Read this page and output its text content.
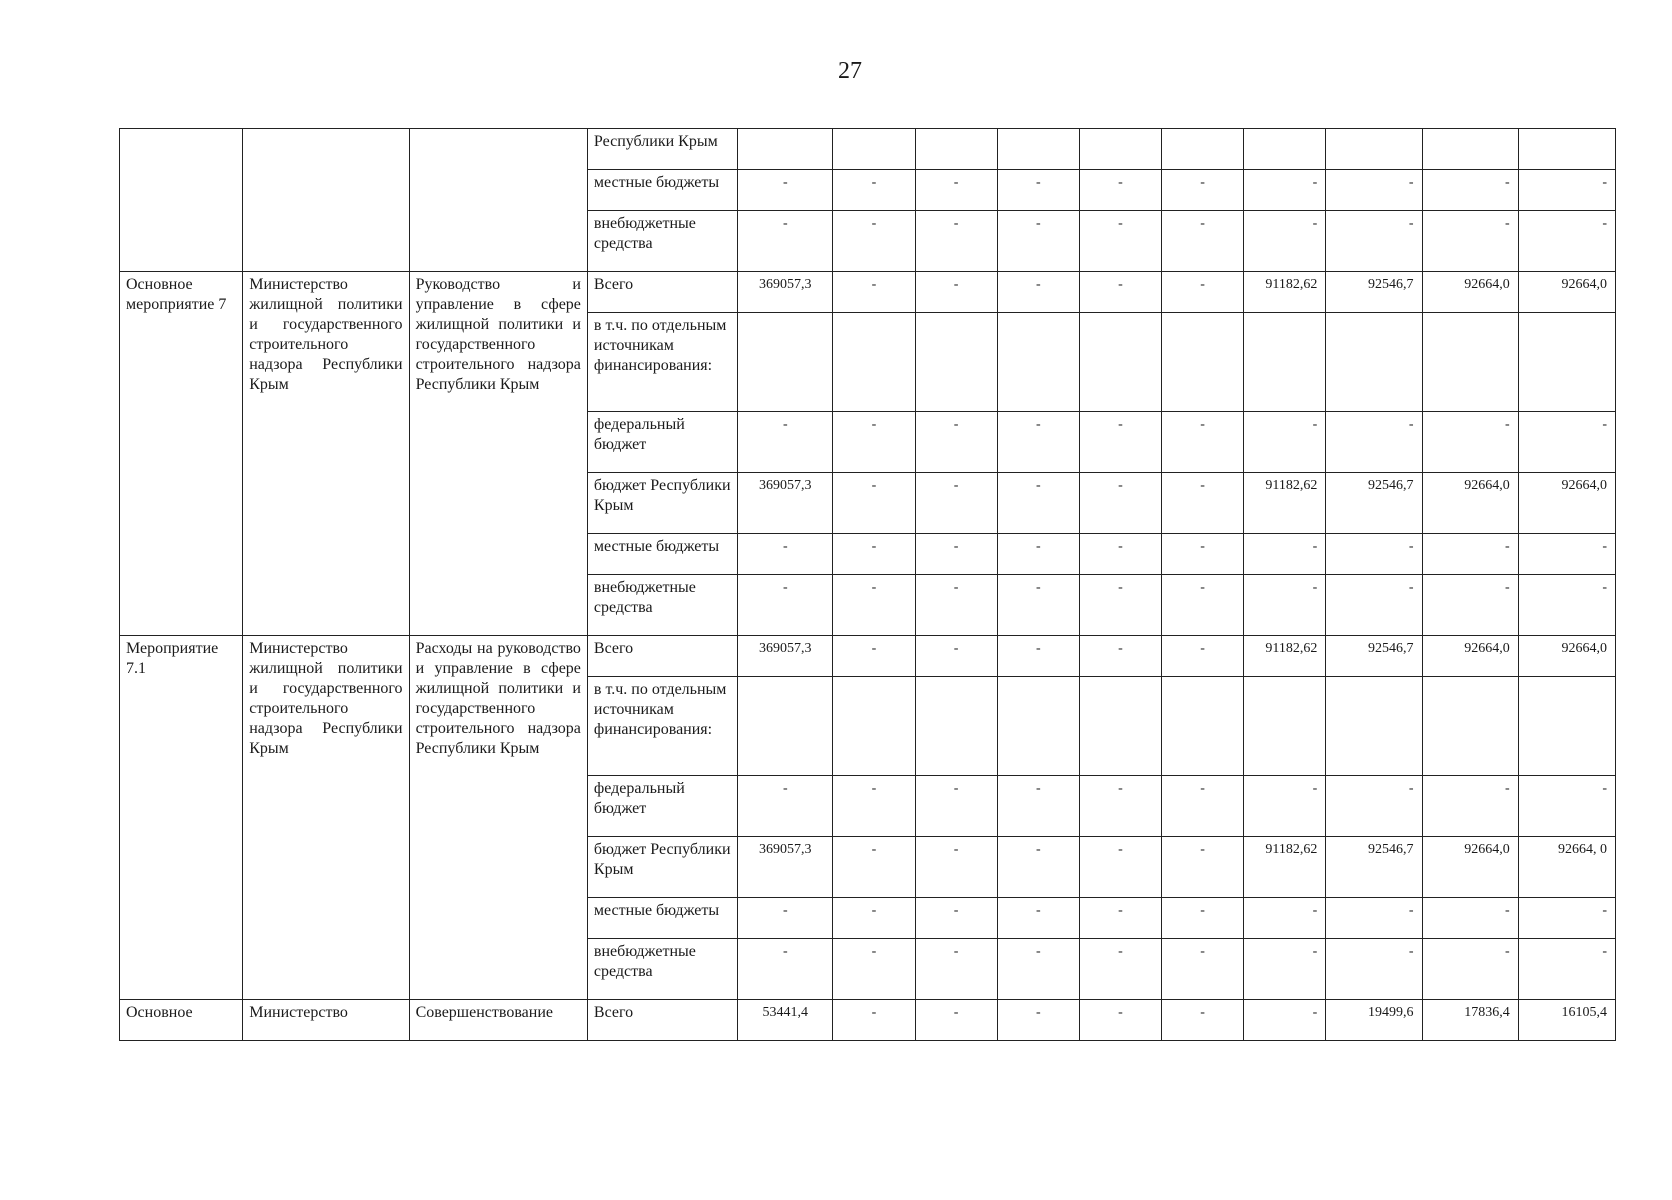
27
			Республики Крым										
			местные бюджеты	-	-	-	-	-	-	-	-	-	-
			внебюджетные средства	-	-	-	-	-	-	-	-	-	-
Основное мероприятие 7	Министерство жилищной политики и государственного строительного надзора Республики Крым	Руководство и управление в сфере жилищной политики и государственного строительного надзора Республики Крым	Всего	369057,3	-	-	-	-	-	91182,62	92546,7	92664,0	92664,0
			в т.ч. по отдельным источникам финансирования:										
			федеральный бюджет	-	-	-	-	-	-	-	-	-	-
			бюджет Республики Крым	369057,3	-	-	-	-	-	91182,62	92546,7	92664,0	92664,0
			местные бюджеты	-	-	-	-	-	-	-	-	-	-
			внебюджетные средства	-	-	-	-	-	-	-	-	-	-
Мероприятие 7.1	Министерство жилищной политики и государственного строительного надзора Республики Крым	Расходы на руководство и управление в сфере жилищной политики и государственного строительного надзора Республики Крым	Всего	369057,3	-	-	-	-	-	91182,62	92546,7	92664,0	92664,0
			в т.ч. по отдельным источникам финансирования:										
			федеральный бюджет	-	-	-	-	-	-	-	-	-	-
			бюджет Республики Крым	369057,3	-	-	-	-	-	91182,62	92546,7	92664,0	92664, 0
			местные бюджеты	-	-	-	-	-	-	-	-	-	-
			внебюджетные средства	-	-	-	-	-	-	-	-	-	-
Основное	Министерство	Совершенствование	Всего	53441,4	-	-	-	-	-	-	19499,6	17836,4	16105,4
